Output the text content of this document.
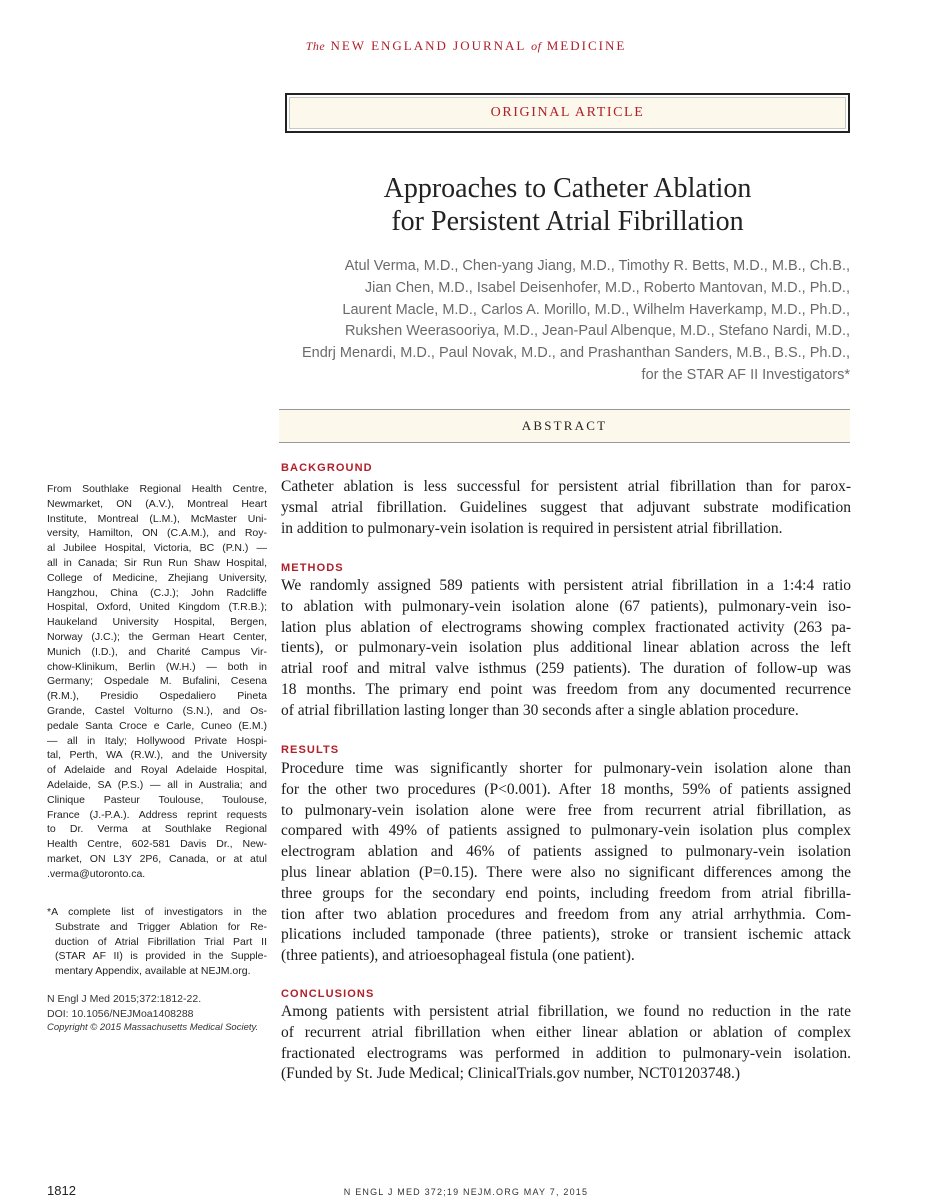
The NEW ENGLAND JOURNAL of MEDICINE
ORIGINAL ARTICLE
Approaches to Catheter Ablation
for Persistent Atrial Fibrillation
Atul Verma, M.D., Chen-yang Jiang, M.D., Timothy R. Betts, M.D., M.B., Ch.B.,
Jian Chen, M.D., Isabel Deisenhofer, M.D., Roberto Mantovan, M.D., Ph.D.,
Laurent Macle, M.D., Carlos A. Morillo, M.D., Wilhelm Haverkamp, M.D., Ph.D.,
Rukshen Weerasooriya, M.D., Jean-Paul Albenque, M.D., Stefano Nardi, M.D.,
Endrj Menardi, M.D., Paul Novak, M.D., and Prashanthan Sanders, M.B., B.S., Ph.D.,
for the STAR AF II Investigators*
ABSTRACT
BACKGROUND
Catheter ablation is less successful for persistent atrial fibrillation than for parox-
ysmal atrial fibrillation. Guidelines suggest that adjuvant substrate modification
in addition to pulmonary-vein isolation is required in persistent atrial fibrillation.
METHODS
We randomly assigned 589 patients with persistent atrial fibrillation in a 1:4:4 ratio
to ablation with pulmonary-vein isolation alone (67 patients), pulmonary-vein iso-
lation plus ablation of electrograms showing complex fractionated activity (263 pa-
tients), or pulmonary-vein isolation plus additional linear ablation across the left
atrial roof and mitral valve isthmus (259 patients). The duration of follow-up was
18 months. The primary end point was freedom from any documented recurrence
of atrial fibrillation lasting longer than 30 seconds after a single ablation procedure.
RESULTS
Procedure time was significantly shorter for pulmonary-vein isolation alone than
for the other two procedures (P<0.001). After 18 months, 59% of patients assigned
to pulmonary-vein isolation alone were free from recurrent atrial fibrillation, as
compared with 49% of patients assigned to pulmonary-vein isolation plus complex
electrogram ablation and 46% of patients assigned to pulmonary-vein isolation
plus linear ablation (P=0.15). There were also no significant differences among the
three groups for the secondary end points, including freedom from atrial fibrilla-
tion after two ablation procedures and freedom from any atrial arrhythmia. Com-
plications included tamponade (three patients), stroke or transient ischemic attack
(three patients), and atrioesophageal fistula (one patient).
CONCLUSIONS
Among patients with persistent atrial fibrillation, we found no reduction in the rate
of recurrent atrial fibrillation when either linear ablation or ablation of complex
fractionated electrograms was performed in addition to pulmonary-vein isolation.
(Funded by St. Jude Medical; ClinicalTrials.gov number, NCT01203748.)
From Southlake Regional Health Centre,
Newmarket, ON (A.V.), Montreal Heart
Institute, Montreal (L.M.), McMaster Uni-
versity, Hamilton, ON (C.A.M.), and Roy-
al Jubilee Hospital, Victoria, BC (P.N.) —
all in Canada; Sir Run Run Shaw Hospital,
College of Medicine, Zhejiang University,
Hangzhou, China (C.J.); John Radcliffe
Hospital, Oxford, United Kingdom (T.R.B.);
Haukeland University Hospital, Bergen,
Norway (J.C.); the German Heart Center,
Munich (I.D.), and Charité Campus Vir-
chow-Klinikum, Berlin (W.H.) — both in
Germany; Ospedale M. Bufalini, Cesena
(R.M.), Presidio Ospedaliero Pineta
Grande, Castel Volturno (S.N.), and Os-
pedale Santa Croce e Carle, Cuneo (E.M.)
— all in Italy; Hollywood Private Hospi-
tal, Perth, WA (R.W.), and the University
of Adelaide and Royal Adelaide Hospital,
Adelaide, SA (P.S.) — all in Australia; and
Clinique Pasteur Toulouse, Toulouse,
France (J.-P.A.). Address reprint requests
to Dr. Verma at Southlake Regional
Health Centre, 602-581 Davis Dr., New-
market, ON L3Y 2P6, Canada, or at atul
.verma@utoronto.ca.
*A complete list of investigators in the
Substrate and Trigger Ablation for Re-
duction of Atrial Fibrillation Trial Part II
(STAR AF II) is provided in the Supple-
mentary Appendix, available at NEJM.org.
N Engl J Med 2015;372:1812-22.
DOI: 10.1056/NEJMoa1408288
Copyright © 2015 Massachusetts Medical Society.
1812	N ENGL J MED 372;19 NEJM.ORG MAY 7, 2015
